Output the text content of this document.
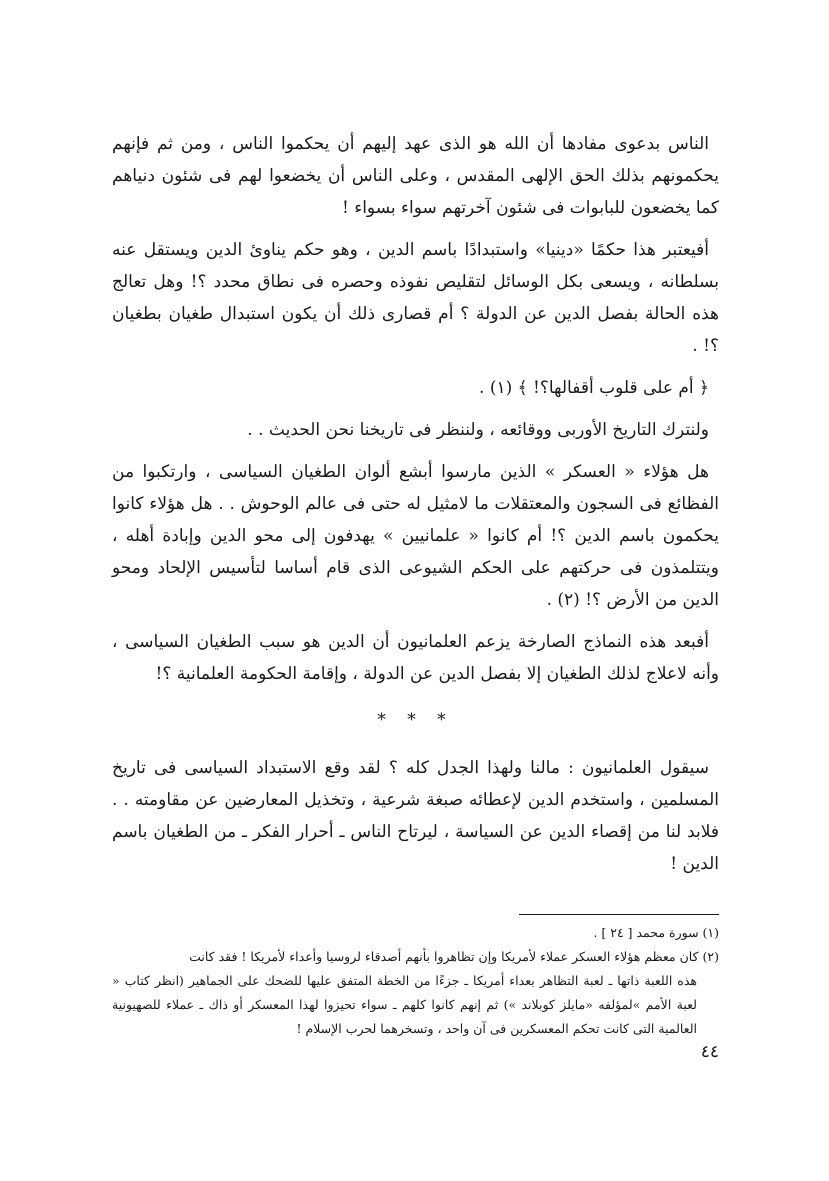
الناس بدعوى مفادها أن الله هو الذى عهد إليهم أن يحكموا الناس ، ومن ثم فإنهم يحكمونهم بذلك الحق الإلهى المقدس ، وعلى الناس أن يخضعوا لهم فى شئون دنياهم كما يخضعون للبابوات فى شئون آخرتهم سواء بسواء !

أفيعتبر هذا حكمًا «دينيا» واستبدادًا باسم الدين ، وهو حكم يناوئ الدين ويستقل عنه بسلطانه ، ويسعى بكل الوسائل لتقليص نفوذه وحصره فى نطاق محدد ؟! وهل تعالج هذه الحالة بفصل الدين عن الدولة ؟ أم قصارى ذلك أن يكون استبدال طغيان بطغيان ؟! .

﴿ أم على قلوب أقفالها؟! ﴾ (١) .

ولنترك التاريخ الأوربى ووقائعه ، ولننظر فى تاريخنا نحن الحديث . .

هل هؤلاء « العسكر » الذين مارسوا أبشع ألوان الطغيان السياسى ، وارتكبوا من الفظائع فى السجون والمعتقلات ما لامثيل له حتى فى عالم الوحوش . . هل هؤلاء كانوا يحكمون باسم الدين ؟! أم كانوا « علمانيين » يهدفون إلى محو الدين وإبادة أهله ، ويتتلمذون فى حركتهم على الحكم الشيوعى الذى قام أساسا لتأسيس الإلحاد ومحو الدين من الأرض ؟! (٢) .

أفبعد هذه النماذج الصارخة يزعم العلمانيون أن الدين هو سبب الطغيان السياسى ، وأنه لاعلاج لذلك الطغيان إلا بفصل الدين عن الدولة ، وإقامة الحكومة العلمانية ؟!

* * *

سيقول العلمانيون : مالنا ولهذا الجدل كله ؟ لقد وقع الاستبداد السياسى فى تاريخ المسلمين ، واستخدم الدين لإعطائه صبغة شرعية ، وتخذيل المعارضين عن مقاومته . . فلابد لنا من إقصاء الدين عن السياسة ، ليرتاح الناس ـ أحرار الفكر ـ من الطغيان باسم الدين !

(١) سورة محمد [ ٢٤ ] .

(٢) كان معظم هؤلاء العسكر عملاء لأمريكا وإن تظاهروا بأنهم أصدقاء لروسيا وأعداء لأمريكا ! فقد كانت

هذه اللعبة ذاتها ـ لعبة التظاهر بعداء أمريكا ـ جزءًا من الخطة المتفق عليها للضحك على الجماهير (انظر كتاب « لعبة الأمم »لمؤلفه «مايلز كوبلاند ») ثم إنهم كانوا كلهم ـ سواء تحيزوا لهذا المعسكر أو ذاك ـ عملاء للصهيونية العالمية التى كانت تحكم المعسكرين فى آن واحد ، وتسخرهما لحرب الإسلام !

٤٤
